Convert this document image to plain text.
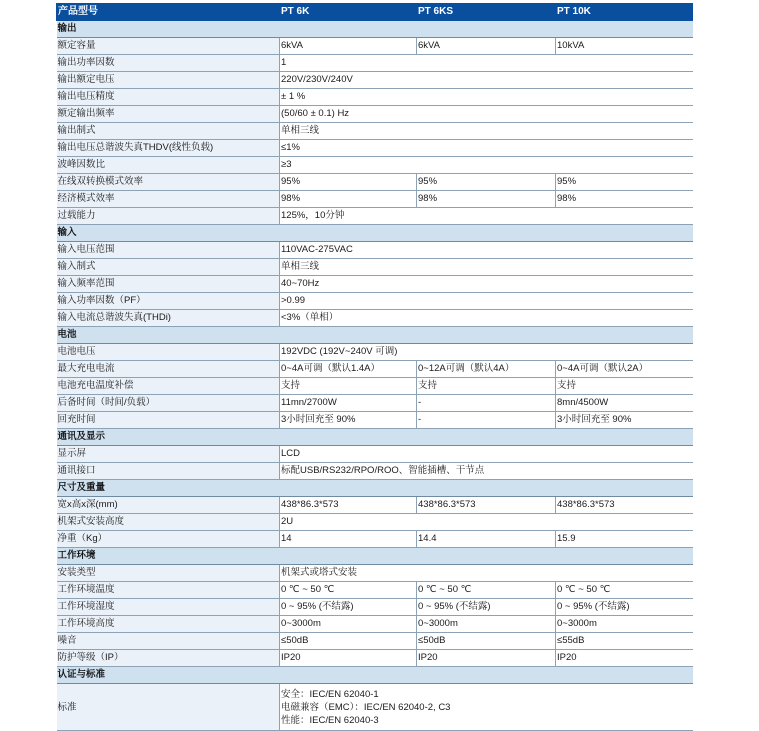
产品型号	PT 6K	PT 6KS	PT 10K
输出			
额定容量	6kVA	6kVA	10kVA
输出功率因数	1		
输出额定电压	220V/230V/240V		
输出电压精度	± 1 %		
额定输出频率	(50/60 ± 0.1) Hz		
输出制式	单相三线		
输出电压总谐波失真THDV(线性负载)	≤1%		
波峰因数比	≥3		
在线双转换模式效率	95%	95%	95%
经济模式效率	98%	98%	98%
过载能力	125%，10分钟		
输入			
输入电压范围	110VAC-275VAC		
输入制式	单相三线		
输入频率范围	40~70Hz		
输入功率因数（PF）	>0.99		
输入电流总谐波失真(THDi)	<3%（单相）		
电池			
电池电压	192VDC (192V~240V 可调)		
最大充电电流	0~4A可调（默认1.4A）	0~12A可调（默认4A）	0~4A可调（默认2A）
电池充电温度补偿	支持	支持	支持
后备时间（时间/负载）	11mn/2700W	-	8mn/4500W
回充时间	3小时回充至 90%	-	3小时回充至 90%
通讯及显示			
显示屏	LCD		
通讯接口	标配USB/RS232/RPO/ROO、智能插槽、干节点		
尺寸及重量			
宽x高x深(mm)	438*86.3*573	438*86.3*573	438*86.3*573
机架式安装高度	2U		
净重（Kg）	14	14.4	15.9
工作环境			
安装类型	机架式或塔式安装		
工作环境温度	0 ℃ ~ 50 ℃	0 ℃ ~ 50 ℃	0 ℃ ~ 50 ℃
工作环境湿度	0 ~ 95% (不结露)	0 ~ 95% (不结露)	0 ~ 95% (不结露)
工作环境高度	0~3000m	0~3000m	0~3000m
噪音	≤50dB	≤50dB	≤55dB
防护等级（IP）	IP20	IP20	IP20
认证与标准			
标准	安全：IEC/EN 62040-1
电磁兼容（EMC）：IEC/EN 62040-2, C3
性能：IEC/EN 62040-3		
